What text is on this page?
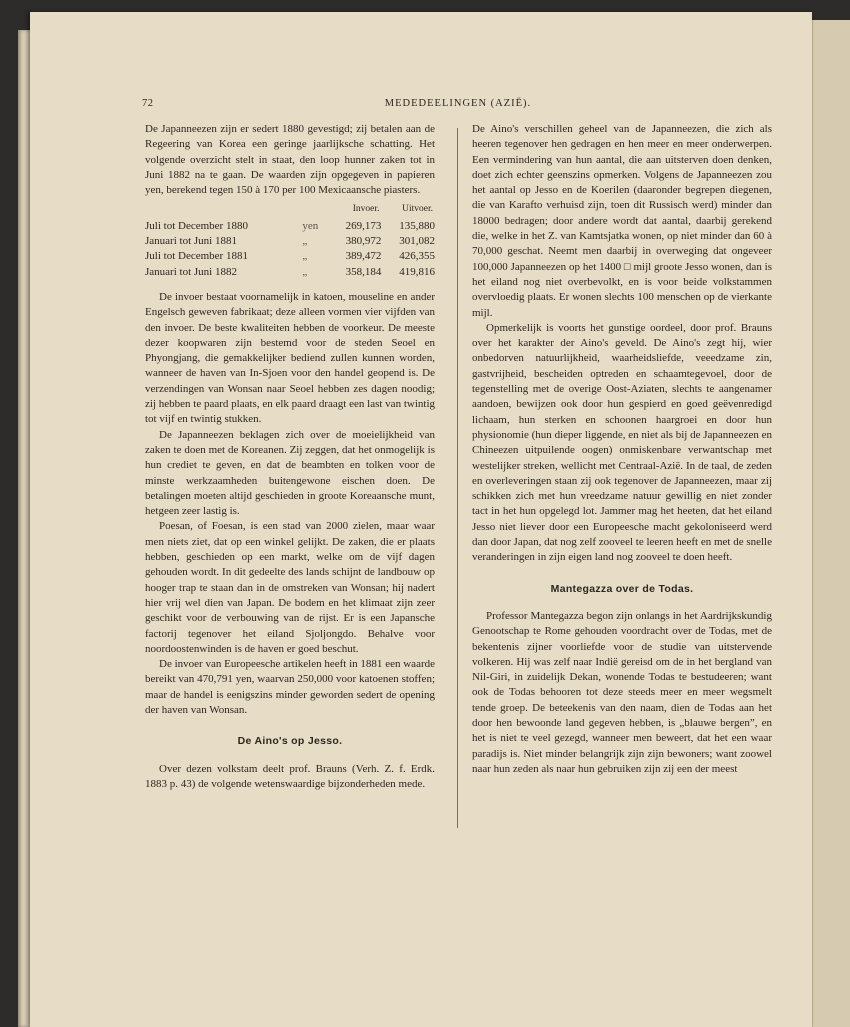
72	MEDEDEELINGEN (AZIË).

De Japanneezen zijn er sedert 1880 gevestigd; zij betalen aan de Regeering van Korea een geringe jaarlijksche schatting. Het volgende overzicht stelt in staat, den loop hunner zaken tot in Juni 1882 na te gaan. De waarden zijn opgegeven in papieren yen, berekend tegen 150 à 170 per 100 Mexicaansche piasters.

		Invoer.	Uitvoer.
Juli tot December 1880	yen	269,173	135,880
Januari tot Juni 1881	„	380,972	301,082
Juli tot December 1881	„	389,472	426,355
Januari tot Juni 1882	„	358,184	419,816

De invoer bestaat voornamelijk in katoen, mouseline en ander Engelsch geweven fabrikaat; deze alleen vormen vier vijfden van den invoer. De beste kwaliteiten hebben de voorkeur. De meeste dezer koopwaren zijn bestemd voor de steden Seoel en Phyongjang, die gemakkelijker bediend zullen kunnen worden, wanneer de haven van In-Sjoen voor den handel geopend is. De verzendingen van Wonsan naar Seoel hebben zes dagen noodig; zij hebben te paard plaats, en elk paard draagt een last van twintig tot vijf en twintig stukken.

De Japanneezen beklagen zich over de moeielijkheid van zaken te doen met de Koreanen. Zij zeggen, dat het onmogelijk is hun crediet te geven, en dat de beambten en tolken voor de minste werkzaamheden buitengewone eischen doen. De betalingen moeten altijd geschieden in groote Koreaansche munt, hetgeen zeer lastig is.

Poesan, of Foesan, is een stad van 2000 zielen, maar waar men niets ziet, dat op een winkel gelijkt. De zaken, die er plaats hebben, geschieden op een markt, welke om de vijf dagen gehouden wordt. In dit gedeelte des lands schijnt de landbouw op hooger trap te staan dan in de omstreken van Wonsan; hij nadert hier vrij wel dien van Japan. De bodem en het klimaat zijn zeer geschikt voor de verbouwing van de rijst. Er is een Japansche factorij tegenover het eiland Sjoljongdo. Behalve voor noordoostenwinden is de haven er goed beschut.

De invoer van Europeesche artikelen heeft in 1881 een waarde bereikt van 470,791 yen, waarvan 250,000 voor katoenen stoffen; maar de handel is eenigszins minder geworden sedert de opening der haven van Wonsan.

De Aino's op Jesso.

Over dezen volkstam deelt prof. Brauns (Verh. Z. f. Erdk. 1883 p. 43) de volgende wetenswaardige bijzonderheden mede.

De Aino's verschillen geheel van de Japanneezen, die zich als heeren tegenover hen gedragen en hen meer en meer onderwerpen. Een vermindering van hun aantal, die aan uitsterven doen denken, doet zich echter geenszins opmerken. Volgens de Japanneezen zou het aantal op Jesso en de Koerilen (daaronder begrepen diegenen, die van Karafto verhuisd zijn, toen dit Russisch werd) minder dan 18000 bedragen; door andere wordt dat aantal, daarbij gerekend die, welke in het Z. van Kamtsjatka wonen, op niet minder dan 60 à 70,000 geschat. Neemt men daarbij in overweging dat ongeveer 100,000 Japanneezen op het 1400 □ mijl groote Jesso wonen, dan is het eiland nog niet overbevolkt, en is voor beide volkstammen overvloedig plaats. Er wonen slechts 100 menschen op de vierkante mijl.

Opmerkelijk is voorts het gunstige oordeel, door prof. Brauns over het karakter der Aino's geveld. De Aino's zegt hij, wier onbedorven natuurlijkheid, waarheidsliefde, veeedzame zin, gastvrijheid, bescheiden optreden en schaamtegevoel, door de tegenstelling met de overige Oost-Aziaten, slechts te aangenamer aandoen, bewijzen ook door hun gespierd en goed geëvenredigd lichaam, hun sterken en schoonen haargroei en door hun physionomie (hun dieper liggende, en niet als bij de Japanneezen en Chineezen uitpuilende oogen) onmiskenbare verwantschap met westelijker streken, wellicht met Centraal-Azië. In de taal, de zeden en overleveringen staan zij ook tegenover de Japanneezen, maar zij schikken zich met hun vreedzame natuur gewillig en niet zonder tact in het hun opgelegd lot. Jammer mag het heeten, dat het eiland Jesso niet liever door een Europeesche macht gekoloniseerd werd dan door Japan, dat nog zelf zooveel te leeren heeft en met de snelle veranderingen in zijn eigen land nog zooveel te doen heeft.

Mantegazza over de Todas.

Professor Mantegazza begon zijn onlangs in het Aardrijkskundig Genootschap te Rome gehouden voordracht over de Todas, met de bekentenis zijner voorliefde voor de studie van uitstervende volkeren. Hij was zelf naar Indië gereisd om de in het bergland van Nil-Giri, in zuidelijk Dekan, wonende Todas te bestudeeren; want ook de Todas behooren tot deze steeds meer en meer wegsmelt tende groep. De beteekenis van den naam, dien de Todas aan het door hen bewoonde land gegeven hebben, is „blauwe bergen”, en het is niet te veel gezegd, wanneer men beweert, dat het een waar paradijs is. Niet minder belangrijk zijn zijn bewoners; want zoowel naar hun zeden als naar hun gebruiken zijn zij een der meest
